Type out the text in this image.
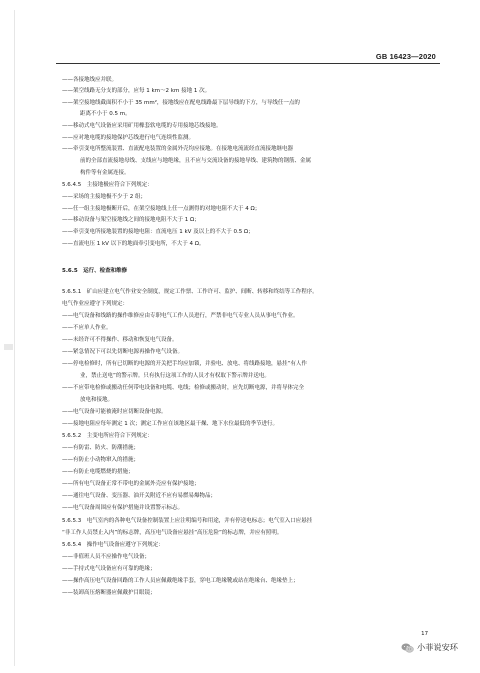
GB 16423—2020
——各接地线应并联。
——架空线路无分支的部分，应每 1 km～2 km 接地 1 次。
——架空接地线截面积不小于 35 mm²，接地线应在配电线路最下层导线的下方，与导线任一点的
距离不小于 0.5 m。
——移动式电气设备应采用矿用橡套软电缆的专用接地芯线接地。
——应对地电缆的接地保护芯线进行电气连续性监测。
——牵引变电所整流装置、直流配电装置的金属外壳均应接地。在接地电流流经直流接地继电器
前的全部直流接地母线、支线应与地绝缘，且不应与交流设备的接地导线、建筑物的钢筋、金属
构件等有金属连接。
5.6.4.5　主接地极应符合下列规定：
——采场的主接地极不少于 2 组；
——任一组主接地极断开后，在架空接地线上任一点测得的对地电阻不大于 4 Ω；
——移动设备与架空接地线之间的接地电阻不大于 1 Ω；
——牵引变电所接地装置的接地电阻：直流电压 1 kV 及以上的不大于 0.5 Ω；
——直流电压 1 kV 以下的地面牵引变电所，不大于 4 Ω。
5.6.5　运行、检查和维修
5.6.5.1　矿山应建立电气作业安全制度，规定工作票、工作许可、监护、间断、转移和终结等工作程序。
电气作业应遵守下列规定：
——电气设备和线路的操作维修应由专职电气工作人员进行，严禁非电气专业人员从事电气作业。
——不应单人作业。
——未经许可不得操作、移动和恢复电气设备。
——紧急情况下可以先切断电源再操作电气设备。
——停电检修时，所有已切断的电源的开关把手均应加锁，并验电、放电、将线路接地，悬挂“有人作
业，禁止送电”的警示牌。只有执行这项工作的人员才有权取下警示牌并送电。
——不应带电检修或搬动任何带电设备和电缆、电线；检修或搬动时，应先切断电源，并将导体完全
放电和接地。
——电气设备可能被淹时应切断设备电源。
——接地电阻应每年测定 1 次；测定工作应在该地区最干燥、地下水位最低的季节进行。
5.6.5.2　主变电所应符合下列规定：
——有防雷、防火、防潮措施；
——有防止小动物窜入的措施；
——有防止电缆燃烧的措施；
——所有电气设备正常不带电的金属外壳应有保护接地；
——通往电气设备、变压器、油开关附近不应有易燃易爆物品；
——电气设备周围应有保护措施并设置警示标志。
5.6.5.3　电气室内的各种电气设备控制装置上应注明编号和用途，并有停送电标志；电气室入口应悬挂
“非工作人员禁止入内”的标志牌，高压电气设备应悬挂“高压危险”的标志牌，并应有照明。
5.6.5.4　操作电气设备应遵守下列规定：
——非值班人员不应操作电气设备；
——手持式电气设备应有可靠的绝缘；
——操作高压电气设备回路的工作人员应佩戴绝缘手套，穿电工绝缘靴或站在绝缘台、绝缘垫上；
——装卸高压熔断器应佩戴护目眼镜；
17
小菲说安环
